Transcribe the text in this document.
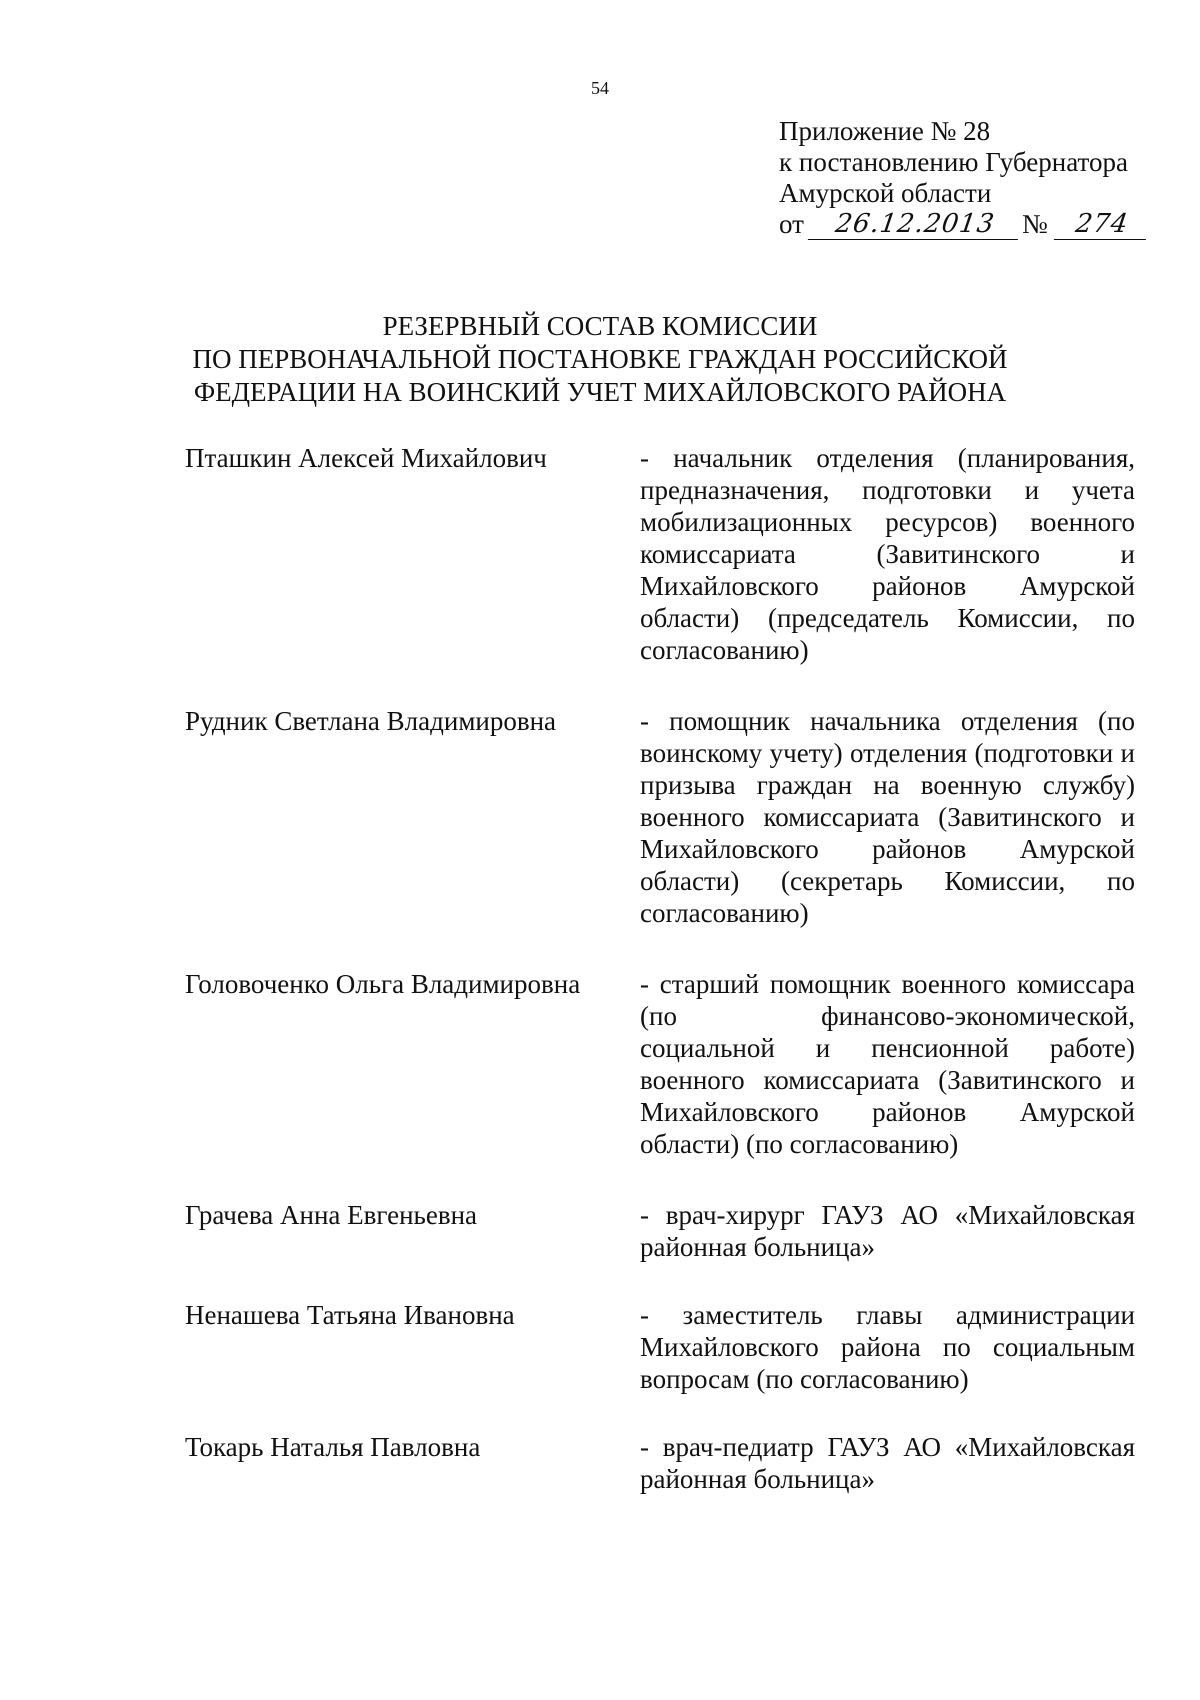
54
Приложение № 28
к постановлению Губернатора
Амурской области
от	26.12.2013 № 274
РЕЗЕРВНЫЙ СОСТАВ КОМИССИИ
ПО ПЕРВОНАЧАЛЬНОЙ ПОСТАНОВКЕ ГРАЖДАН РОССИЙСКОЙ
ФЕДЕРАЦИИ НА ВОИНСКИЙ УЧЕТ МИХАЙЛОВСКОГО РАЙОНА
Пташкин Алексей Михайлович	- начальник отделения (планирования, предназначения, подготовки и учета мобилизационных ресурсов) военного комиссариата (Завитинского и Михайловского районов Амурской области) (председатель Комиссии, по согласованию)
Рудник Светлана Владимировна	- помощник начальника отделения (по воинскому учету) отделения (подготовки и призыва граждан на военную службу) военного комиссариата (Завитинского и Михайловского районов Амурской области) (секретарь Комиссии, по согласованию)
Головоченко Ольга Владимировна	- старший помощник военного комиссара (по финансово-экономической, социальной и пенсионной работе) военного комиссариата (Завитинского и Михайловского районов Амурской области) (по согласованию)
Грачева Анна Евгеньевна	- врач-хирург ГАУЗ АО «Михайловская районная больница»
Ненашева Татьяна Ивановна	- заместитель главы администрации Михайловского района по социальным вопросам (по согласованию)
Токарь Наталья Павловна	- врач-педиатр ГАУЗ АО «Михайловская районная больница»
